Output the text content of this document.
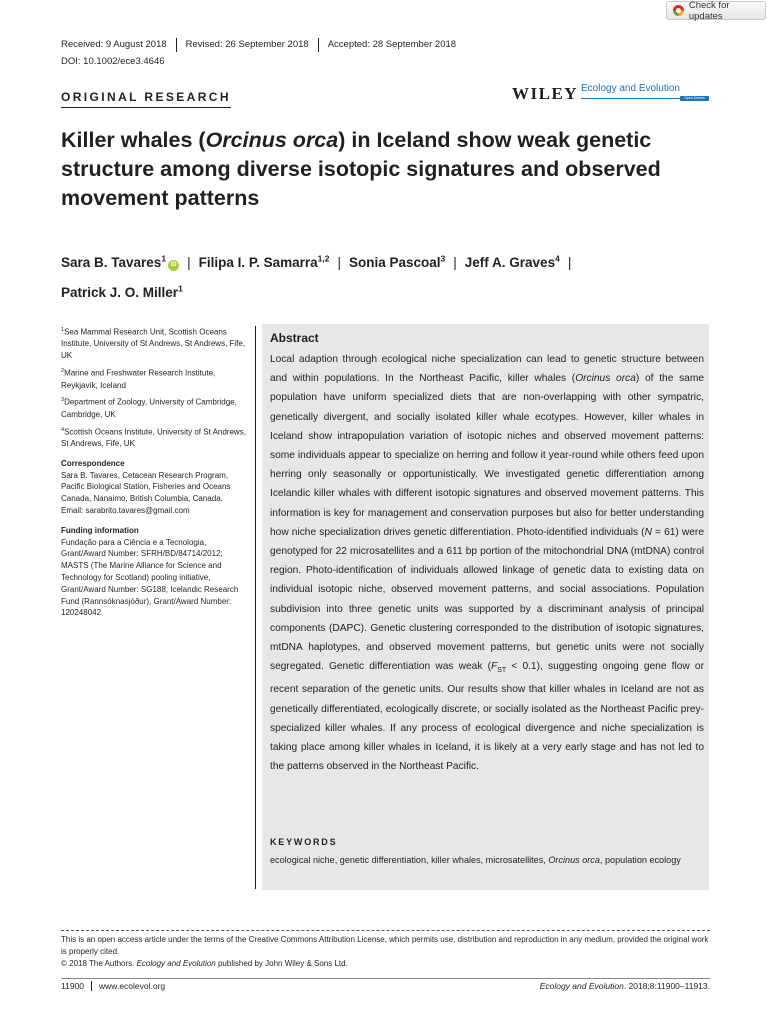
Check for updates
Received: 9 August 2018	Revised: 26 September 2018	Accepted: 28 September 2018
DOI: 10.1002/ece3.4646
ORIGINAL RESEARCH	WILEY Ecology and Evolution
Open Access
Killer whales (Orcinus orca) in Iceland show weak genetic structure among diverse isotopic signatures and observed movement patterns
Sara B. Tavares$^1$iD | Filipa I. P. Samarra$^{1,2}$ | Sonia Pascoal$^3$ | Jeff A. Graves$^4$ |
Patrick J. O. Miller$^1$
$^1$Sea Mammal Research Unit, Scottish Oceans Institute, University of St Andrews, St Andrews, Fife, UK
$^2$Marine and Freshwater Research Institute, Reykjavík, Iceland
$^3$Department of Zoology, University of Cambridge, Cambridge, UK
$^4$Scottish Oceans Institute, University of St Andrews, St Andrews, Fife, UK
Correspondence
Sara B. Tavares, Cetacean Research Program, Pacific Biological Station, Fisheries and Oceans Canada, Nanaimo, British Columbia, Canada.
Email: sarabrito.tavares@gmail.com
Funding information
Fundação para a Ciência e a Tecnologia, Grant/Award Number: SFRH/BD/84714/2012; MASTS (The Marine Alliance for Science and Technology for Scotland) pooling initiative, Grant/Award Number: SG188; Icelandic Research Fund (Rannsóknasjóður), Grant/Award Number: 120248042
Abstract
Local adaption through ecological niche specialization can lead to genetic structure between and within populations. In the Northeast Pacific, killer whales (Orcinus orca) of the same population have uniform specialized diets that are non-overlapping with other sympatric, genetically divergent, and socially isolated killer whale ecotypes. However, killer whales in Iceland show intrapopulation variation of isotopic niches and observed movement patterns: some individuals appear to specialize on herring and follow it year-round while others feed upon herring only seasonally or opportunistically. We investigated genetic differentiation among Icelandic killer whales with different isotopic signatures and observed movement patterns. This information is key for management and conservation purposes but also for better understanding how niche specialization drives genetic differentiation. Photo-identified individuals (N = 61) were genotyped for 22 microsatellites and a 611 bp portion of the mitochondrial DNA (mtDNA) control region. Photo-identification of individuals allowed linkage of genetic data to existing data on individual isotopic niche, observed movement patterns, and social associations. Population subdivision into three genetic units was supported by a discriminant analysis of principal components (DAPC). Genetic clustering corresponded to the distribution of isotopic signatures, mtDNA haplotypes, and observed movement patterns, but genetic units were not socially segregated. Genetic differentiation was weak $(F_{ST} < 0.1)$, suggesting ongoing gene flow or recent separation of the genetic units. Our results show that killer whales in Iceland are not as genetically differentiated, ecologically discrete, or socially isolated as the Northeast Pacific prey-specialized killer whales. If any process of ecological divergence and niche specialization is taking place among killer whales in Iceland, it is likely at a very early stage and has not led to the patterns observed in the Northeast Pacific.
KEYWORDS
ecological niche, genetic differentiation, killer whales, microsatellites, Orcinus orca, population ecology
This is an open access article under the terms of the Creative Commons Attribution License, which permits use, distribution and reproduction in any medium, provided the original work is properly cited.
© 2018 The Authors. Ecology and Evolution published by John Wiley & Sons Ltd.
11900	www.ecolevol.org	Ecology and Evolution. 2018;8:11900–11913.
